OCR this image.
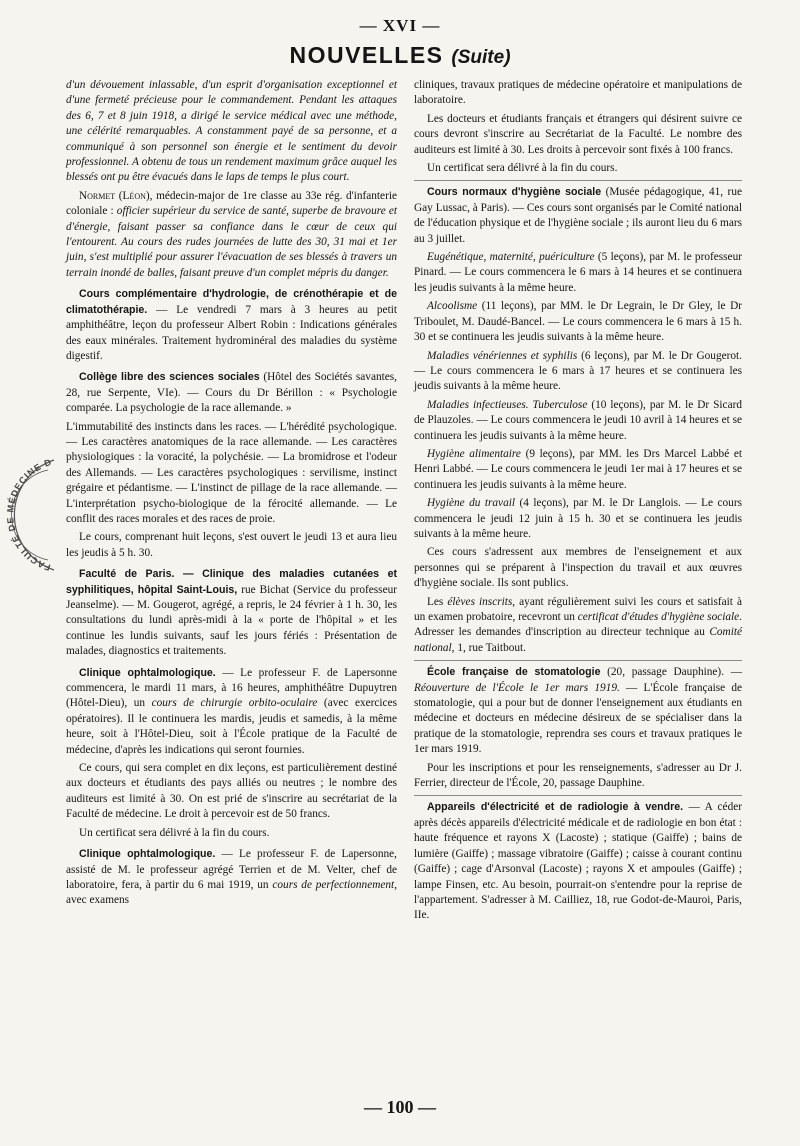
— XVI —
NOUVELLES (Suite)
FACULTÉ DE MÉDECINE D

d'un dévouement inlassable, d'un esprit d'organisation exceptionnel et d'une fermeté précieuse pour le commandement. Pendant les attaques des 6, 7 et 8 juin 1918, a dirigé le service médical avec une méthode, une célérité remarquables. A constamment payé de sa personne, et a communiqué à son personnel son énergie et le sentiment du devoir professionnel. A obtenu de tous un rendement maximum grâce auquel les blessés ont pu être évacués dans le laps de temps le plus court.

Normet (Léon), médecin-major de 1re classe au 33e rég. d'infanterie coloniale : officier supérieur du service de santé, superbe de bravoure et d'énergie, faisant passer sa confiance dans le cœur de ceux qui l'entourent. Au cours des rudes journées de lutte des 30, 31 mai et 1er juin, s'est multiplié pour assurer l'évacuation de ses blessés à travers un terrain inondé de balles, faisant preuve d'un complet mépris du danger.

Cours complémentaire d'hydrologie, de crénothérapie et de climatothérapie. — Le vendredi 7 mars à 3 heures au petit amphithéâtre, leçon du professeur Albert Robin : Indications générales des eaux minérales. Traitement hydrominéral des maladies du système digestif.

Collège libre des sciences sociales (Hôtel des Sociétés savantes, 28, rue Serpente, VIe). — Cours du Dr Bérillon : « Psychologie comparée. La psychologie de la race allemande. »

L'immutabilité des instincts dans les races. — L'hérédité psychologique. — Les caractères anatomiques de la race allemande. — Les caractères physiologiques : la voracité, la polychésie. — La bromidrose et l'odeur des Allemands. — Les caractères psychologiques : servilisme, instinct grégaire et pédantisme. — L'instinct de pillage de la race allemande. — L'interprétation psycho-biologique de la férocité allemande. — Le conflit des races morales et des races de proie.

Le cours, comprenant huit leçons, s'est ouvert le jeudi 13 et aura lieu les jeudis à 5 h. 30.

Faculté de Paris. — Clinique des maladies cutanées et syphilitiques, hôpital Saint-Louis, rue Bichat (Service du professeur Jeanselme). — M. Gougerot, agrégé, a repris, le 24 février à 1 h. 30, les consultations du lundi après-midi à la « porte de l'hôpital » et les continue les lundis suivants, sauf les jours fériés : Présentation de malades, diagnostics et traitements.

Clinique ophtalmologique. — Le professeur F. de Lapersonne commencera, le mardi 11 mars, à 16 heures, amphithéâtre Dupuytren (Hôtel-Dieu), un cours de chirurgie orbito-oculaire (avec exercices opératoires). Il le continuera les mardis, jeudis et samedis, à la même heure, soit à l'Hôtel-Dieu, soit à l'École pratique de la Faculté de médecine, d'après les indications qui seront fournies.

Ce cours, qui sera complet en dix leçons, est particulièrement destiné aux docteurs et étudiants des pays alliés ou neutres ; le nombre des auditeurs est limité à 30. On est prié de s'inscrire au secrétariat de la Faculté de médecine. Le droit à percevoir est de 50 francs.

Un certificat sera délivré à la fin du cours.

Clinique ophtalmologique. — Le professeur F. de Lapersonne, assisté de M. le professeur agrégé Terrien et de M. Velter, chef de laboratoire, fera, à partir du 6 mai 1919, un cours de perfectionnement, avec examens

cliniques, travaux pratiques de médecine opératoire et manipulations de laboratoire.

Les docteurs et étudiants français et étrangers qui désirent suivre ce cours devront s'inscrire au Secrétariat de la Faculté. Le nombre des auditeurs est limité à 30. Les droits à percevoir sont fixés à 100 francs.

Un certificat sera délivré à la fin du cours.

Cours normaux d'hygiène sociale (Musée pédagogique, 41, rue Gay Lussac, à Paris). — Ces cours sont organisés par le Comité national de l'éducation physique et de l'hygiène sociale ; ils auront lieu du 6 mars au 3 juillet.

Eugénétique, maternité, puériculture (5 leçons), par M. le professeur Pinard. — Le cours commencera le 6 mars à 14 heures et se continuera les jeudis suivants à la même heure.

Alcoolisme (11 leçons), par MM. le Dr Legrain, le Dr Gley, le Dr Triboulet, M. Daudé-Bancel. — Le cours commencera le 6 mars à 15 h. 30 et se continuera les jeudis suivants à la même heure.

Maladies vénériennes et syphilis (6 leçons), par M. le Dr Gougerot. — Le cours commencera le 6 mars à 17 heures et se continuera les jeudis suivants à la même heure.

Maladies infectieuses. Tuberculose (10 leçons), par M. le Dr Sicard de Plauzoles. — Le cours commencera le jeudi 10 avril à 14 heures et se continuera les jeudis suivants à la même heure.

Hygiène alimentaire (9 leçons), par MM. les Drs Marcel Labbé et Henri Labbé. — Le cours commencera le jeudi 1er mai à 17 heures et se continuera les jeudis suivants à la même heure.

Hygiène du travail (4 leçons), par M. le Dr Langlois. — Le cours commencera le jeudi 12 juin à 15 h. 30 et se continuera les jeudis suivants à la même heure.

Ces cours s'adressent aux membres de l'enseignement et aux personnes qui se préparent à l'inspection du travail et aux œuvres d'hygiène sociale. Ils sont publics.

Les élèves inscrits, ayant régulièrement suivi les cours et satisfait à un examen probatoire, recevront un certificat d'études d'hygiène sociale. Adresser les demandes d'inscription au directeur technique au Comité national, 1, rue Taitbout.

École française de stomatologie (20, passage Dauphine). — Réouverture de l'École le 1er mars 1919. — L'École française de stomatologie, qui a pour but de donner l'enseignement aux étudiants en médecine et docteurs en médecine désireux de se spécialiser dans la pratique de la stomatologie, reprendra ses cours et travaux pratiques le 1er mars 1919.

Pour les inscriptions et pour les renseignements, s'adresser au Dr J. Ferrier, directeur de l'École, 20, passage Dauphine.

Appareils d'électricité et de radiologie à vendre. — A céder après décès appareils d'électricité médicale et de radiologie en bon état : haute fréquence et rayons X (Lacoste) ; statique (Gaiffe) ; bains de lumière (Gaiffe) ; massage vibratoire (Gaiffe) ; caisse à courant continu (Gaiffe) ; cage d'Arsonval (Lacoste) ; rayons X et ampoules (Gaiffe) ; lampe Finsen, etc. Au besoin, pourrait-on s'entendre pour la reprise de l'appartement. S'adresser à M. Cailliez, 18, rue Godot-de-Mauroi, Paris, IIe.

— 100 —
